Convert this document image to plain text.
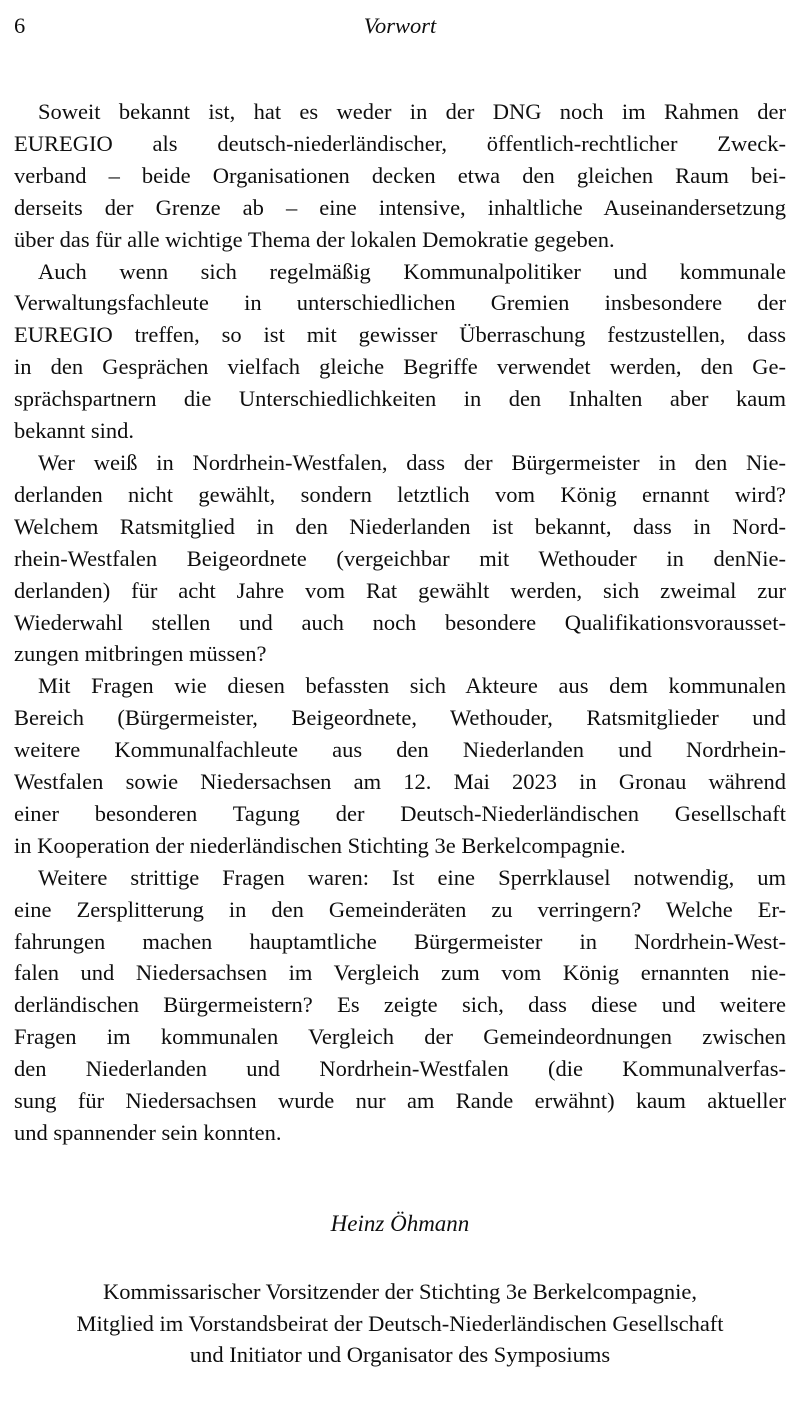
6	Vorwort
Soweit bekannt ist, hat es weder in der DNG noch im Rahmen der
EUREGIO als deutsch-niederländischer, öffentlich-rechtlicher Zweck-
verband – beide Organisationen decken etwa den gleichen Raum bei-
derseits der Grenze ab – eine intensive, inhaltliche Auseinandersetzung
über das für alle wichtige Thema der lokalen Demokratie gegeben.
Auch wenn sich regelmäßig Kommunalpolitiker und kommunale
Verwaltungsfachleute in unterschiedlichen Gremien insbesondere der
EUREGIO treffen, so ist mit gewisser Überraschung festzustellen, dass
in den Gesprächen vielfach gleiche Begriffe verwendet werden, den Ge-
sprächspartnern die Unterschiedlichkeiten in den Inhalten aber kaum
bekannt sind.
Wer weiß in Nordrhein-Westfalen, dass der Bürgermeister in den Nie-
derlanden nicht gewählt, sondern letztlich vom König ernannt wird?
Welchem Ratsmitglied in den Niederlanden ist bekannt, dass in Nord-
rhein-Westfalen Beigeordnete (vergeichbar mit Wethouder in denNie-
derlanden) für acht Jahre vom Rat gewählt werden, sich zweimal zur
Wiederwahl stellen und auch noch besondere Qualifikationsvorausset-
zungen mitbringen müssen?
Mit Fragen wie diesen befassten sich Akteure aus dem kommunalen
Bereich (Bürgermeister, Beigeordnete, Wethouder, Ratsmitglieder und
weitere Kommunalfachleute aus den Niederlanden und Nordrhein-
Westfalen sowie Niedersachsen am 12. Mai 2023 in Gronau während
einer besonderen Tagung der Deutsch-Niederländischen Gesellschaft
in Kooperation der niederländischen Stichting 3e Berkelcompagnie.
Weitere strittige Fragen waren: Ist eine Sperrklausel notwendig, um
eine Zersplitterung in den Gemeinderäten zu verringern? Welche Er-
fahrungen machen hauptamtliche Bürgermeister in Nordrhein-West-
falen und Niedersachsen im Vergleich zum vom König ernannten nie-
derländischen Bürgermeistern? Es zeigte sich, dass diese und weitere
Fragen im kommunalen Vergleich der Gemeindeordnungen zwischen
den Niederlanden und Nordrhein-Westfalen (die Kommunalverfas-
sung für Niedersachsen wurde nur am Rande erwähnt) kaum aktueller
und spannender sein konnten.
Heinz Öhmann
Kommissarischer Vorsitzender der Stichting 3e Berkelcompagnie,
Mitglied im Vorstandsbeirat der Deutsch-Niederländischen Gesellschaft
und Initiator und Organisator des Symposiums
